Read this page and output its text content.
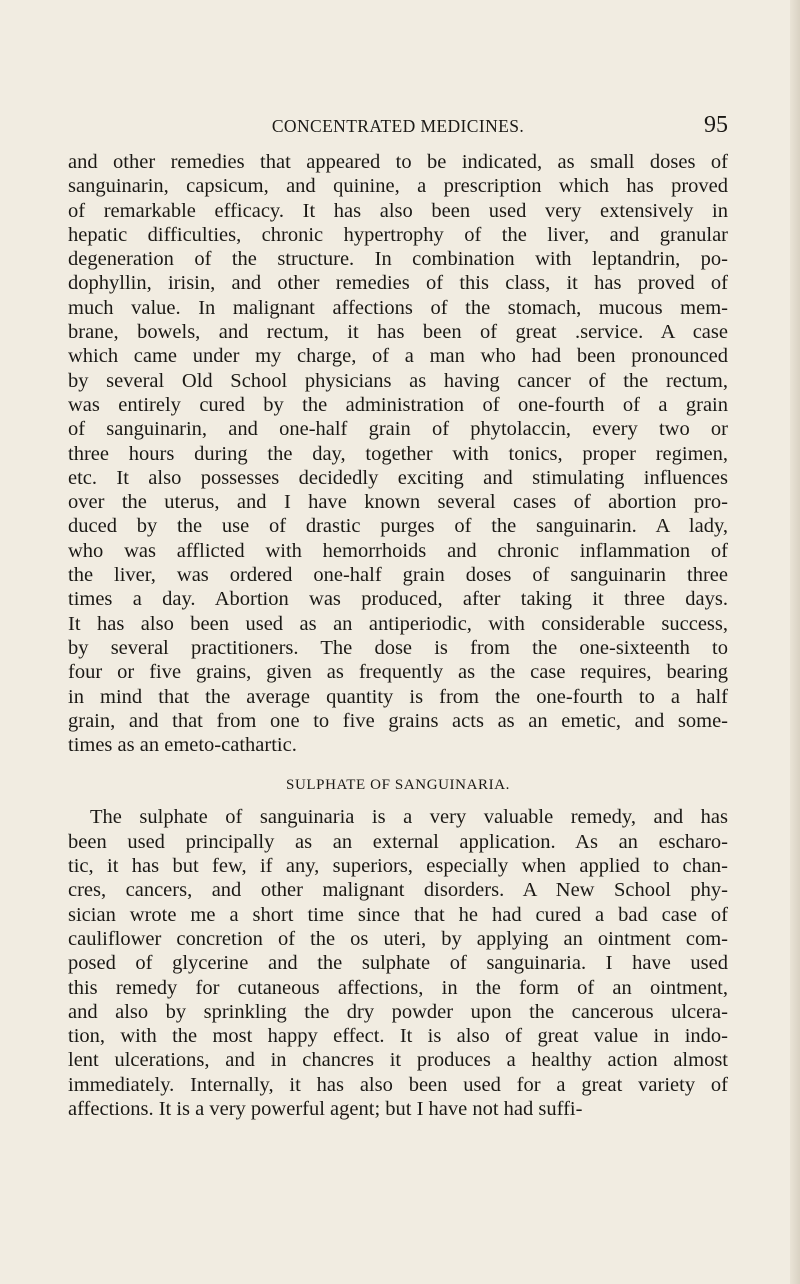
CONCENTRATED MEDICINES.	95
and other remedies that appeared to be indicated, as small doses of
sanguinarin, capsicum, and quinine, a prescription which has proved
of remarkable efficacy. It has also been used very extensively in
hepatic difficulties, chronic hypertrophy of the liver, and granular
degeneration of the structure. In combination with leptandrin, po-
dophyllin, irisin, and other remedies of this class, it has proved of
much value. In malignant affections of the stomach, mucous mem-
brane, bowels, and rectum, it has been of great .service. A case
which came under my charge, of a man who had been pronounced
by several Old School physicians as having cancer of the rectum,
was entirely cured by the administration of one-fourth of a grain
of sanguinarin, and one-half grain of phytolaccin, every two or
three hours during the day, together with tonics, proper regimen,
etc. It also possesses decidedly exciting and stimulating influences
over the uterus, and I have known several cases of abortion pro-
duced by the use of drastic purges of the sanguinarin. A lady,
who was afflicted with hemorrhoids and chronic inflammation of
the liver, was ordered one-half grain doses of sanguinarin three
times a day. Abortion was produced, after taking it three days.
It has also been used as an antiperiodic, with considerable success,
by several practitioners. The dose is from the one-sixteenth to
four or five grains, given as frequently as the case requires, bearing
in mind that the average quantity is from the one-fourth to a half
grain, and that from one to five grains acts as an emetic, and some-
times as an emeto-cathartic.
SULPHATE OF SANGUINARIA.
The sulphate of sanguinaria is a very valuable remedy, and has
been used principally as an external application. As an escharo-
tic, it has but few, if any, superiors, especially when applied to chan-
cres, cancers, and other malignant disorders. A New School phy-
sician wrote me a short time since that he had cured a bad case of
cauliflower concretion of the os uteri, by applying an ointment com-
posed of glycerine and the sulphate of sanguinaria. I have used
this remedy for cutaneous affections, in the form of an ointment,
and also by sprinkling the dry powder upon the cancerous ulcera-
tion, with the most happy effect. It is also of great value in indo-
lent ulcerations, and in chancres it produces a healthy action almost
immediately. Internally, it has also been used for a great variety of
affections. It is a very powerful agent; but I have not had suffi-
